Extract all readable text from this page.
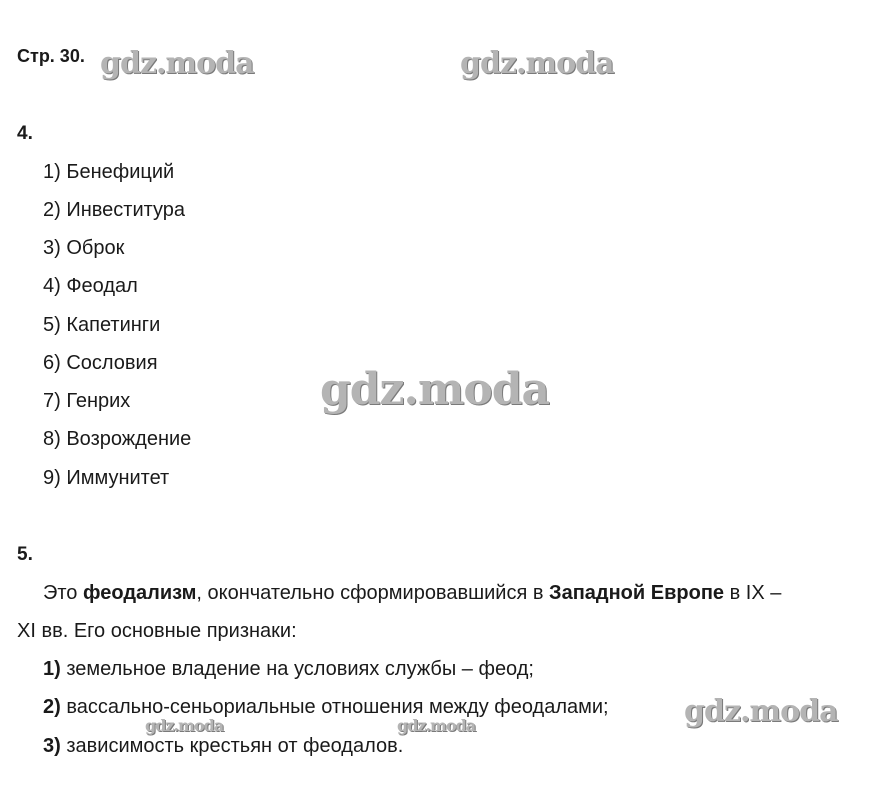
Стр. 30.
4.
1) Бенефиций
2) Инвеститура
3) Оброк
4) Феодал
5) Капетинги
6) Сословия
7) Генрих
8) Возрождение
9) Иммунитет
5.
Это феодализм, окончательно сформировавшийся в Западной Европе в IX –
XI вв. Его основные признаки:
1) земельное владение на условиях службы – феод;
2) вассально-сеньориальные отношения между феодалами;
3) зависимость крестьян от феодалов.
gdz.moda	gdz.moda
gdz.moda
gdz.moda
gdz.moda	gdz.moda
